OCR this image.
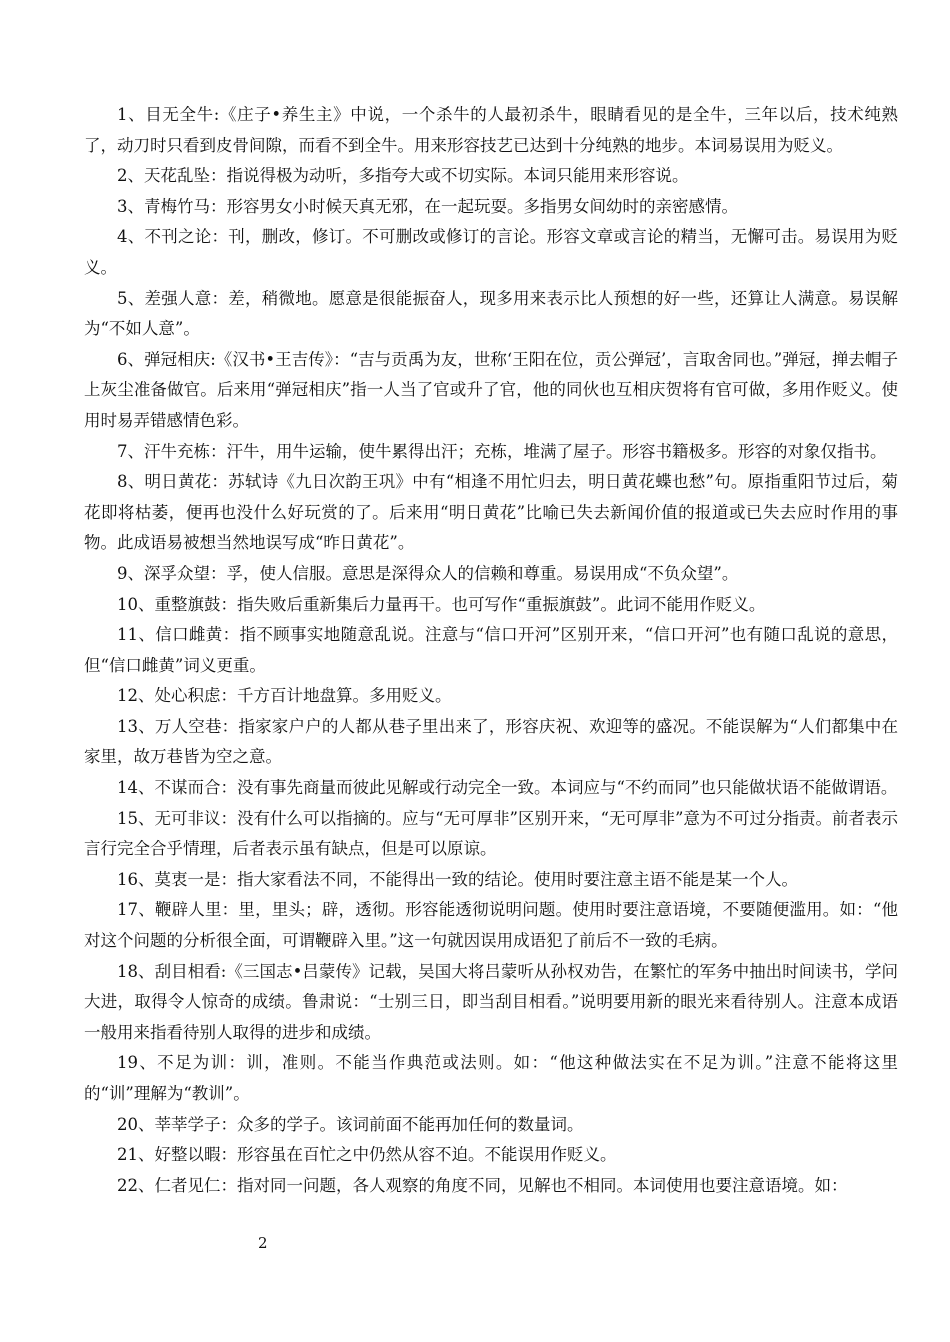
1、目无全牛:《庄子•养生主》中说，一个杀牛的人最初杀牛，眼睛看见的是全牛，三年以后，技术纯熟了，动刀时只看到皮骨间隙，而看不到全牛。用来形容技艺已达到十分纯熟的地步。本词易误用为贬义。

2、天花乱坠：指说得极为动听，多指夸大或不切实际。本词只能用来形容说。

3、青梅竹马：形容男女小时候天真无邪，在一起玩耍。多指男女间幼时的亲密感情。

4、不刊之论：刊，删改，修订。不可删改或修订的言论。形容文章或言论的精当，无懈可击。易误用为贬义。

5、差强人意：差，稍微地。愿意是很能振奋人，现多用来表示比人预想的好一些，还算让人满意。易误解为“不如人意”。

6、弹冠相庆:《汉书•王吉传》：“吉与贡禹为友，世称‘王阳在位，贡公弹冠’，言取舍同也。”弹冠，掸去帽子上灰尘准备做官。后来用“弹冠相庆”指一人当了官或升了官，他的同伙也互相庆贺将有官可做，多用作贬义。使用时易弄错感情色彩。

7、汗牛充栋：汗牛，用牛运输，使牛累得出汗；充栋，堆满了屋子。形容书籍极多。形容的对象仅指书。

8、明日黄花：苏轼诗《九日次韵王巩》中有“相逢不用忙归去，明日黄花蝶也愁”句。原指重阳节过后，菊花即将枯萎，便再也没什么好玩赏的了。后来用“明日黄花”比喻已失去新闻价值的报道或已失去应时作用的事物。此成语易被想当然地误写成“昨日黄花”。

9、深孚众望：孚，使人信服。意思是深得众人的信赖和尊重。易误用成“不负众望”。

10、重整旗鼓：指失败后重新集后力量再干。也可写作“重振旗鼓”。此词不能用作贬义。

11、信口雌黄：指不顾事实地随意乱说。注意与“信口开河”区别开来，“信口开河”也有随口乱说的意思，但“信口雌黄”词义更重。

12、处心积虑：千方百计地盘算。多用贬义。

13、万人空巷：指家家户户的人都从巷子里出来了，形容庆祝、欢迎等的盛况。不能误解为“人们都集中在家里，故万巷皆为空之意。

14、不谋而合：没有事先商量而彼此见解或行动完全一致。本词应与“不约而同”也只能做状语不能做谓语。

15、无可非议：没有什么可以指摘的。应与“无可厚非”区别开来，“无可厚非”意为不可过分指责。前者表示言行完全合乎情理，后者表示虽有缺点，但是可以原谅。

16、莫衷一是：指大家看法不同，不能得出一致的结论。使用时要注意主语不能是某一个人。

17、鞭辟人里：里，里头；辟，透彻。形容能透彻说明问题。使用时要注意语境，不要随便滥用。如：“他对这个问题的分析很全面，可谓鞭辟入里。”这一句就因误用成语犯了前后不一致的毛病。

18、刮目相看:《三国志•吕蒙传》记载，吴国大将吕蒙听从孙权劝告，在繁忙的军务中抽出时间读书，学问大进，取得令人惊奇的成绩。鲁肃说：“士别三日，即当刮目相看。”说明要用新的眼光来看待别人。注意本成语一般用来指看待别人取得的进步和成绩。

19、不足为训：训，准则。不能当作典范或法则。如：“他这种做法实在不足为训。”注意不能将这里的“训”理解为“教训”。

20、莘莘学子：众多的学子。该词前面不能再加任何的数量词。

21、好整以暇：形容虽在百忙之中仍然从容不迫。不能误用作贬义。

22、仁者见仁：指对同一问题，各人观察的角度不同，见解也不相同。本词使用也要注意语境。如：

2
